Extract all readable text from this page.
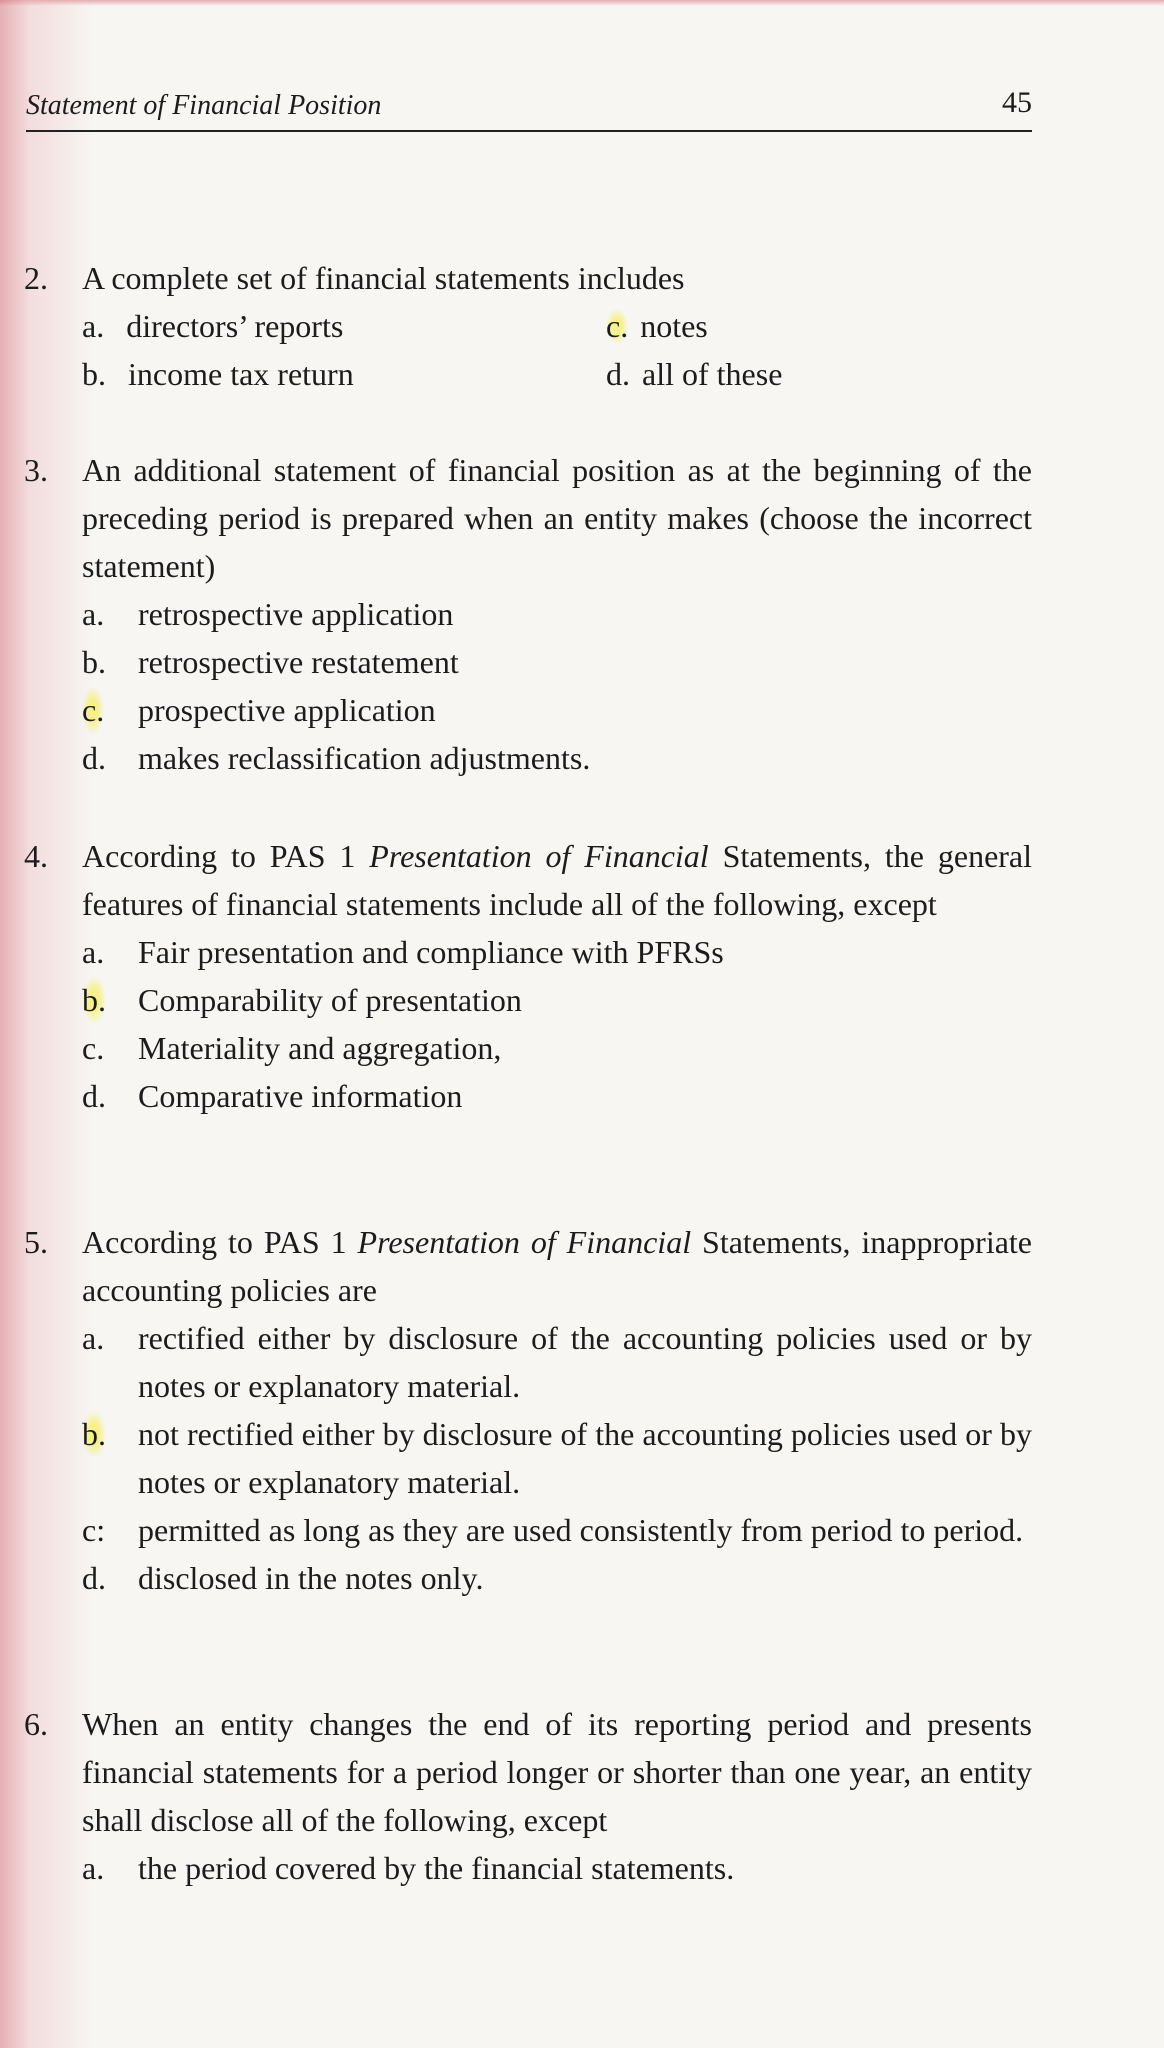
Statement of Financial Position	45
2. A complete set of financial statements includes
a. directors’ reports
b. income tax return
c. notes
d. all of these
3. An additional statement of financial position as at the beginning of the preceding period is prepared when an entity makes (choose the incorrect statement)
a. retrospective application
b. retrospective restatement
c. prospective application
d. makes reclassification adjustments.
4. According to PAS 1 Presentation of Financial Statements, the general features of financial statements include all of the following, except
a. Fair presentation and compliance with PFRSs
b. Comparability of presentation
c. Materiality and aggregation,
d. Comparative information
5. According to PAS 1 Presentation of Financial Statements, inappropriate accounting policies are
a. rectified either by disclosure of the accounting policies used or by notes or explanatory material.
b. not rectified either by disclosure of the accounting policies used or by notes or explanatory material.
c: permitted as long as they are used consistently from period to period.
d. disclosed in the notes only.
6. When an entity changes the end of its reporting period and presents financial statements for a period longer or shorter than one year, an entity shall disclose all of the following, except
a. the period covered by the financial statements.
